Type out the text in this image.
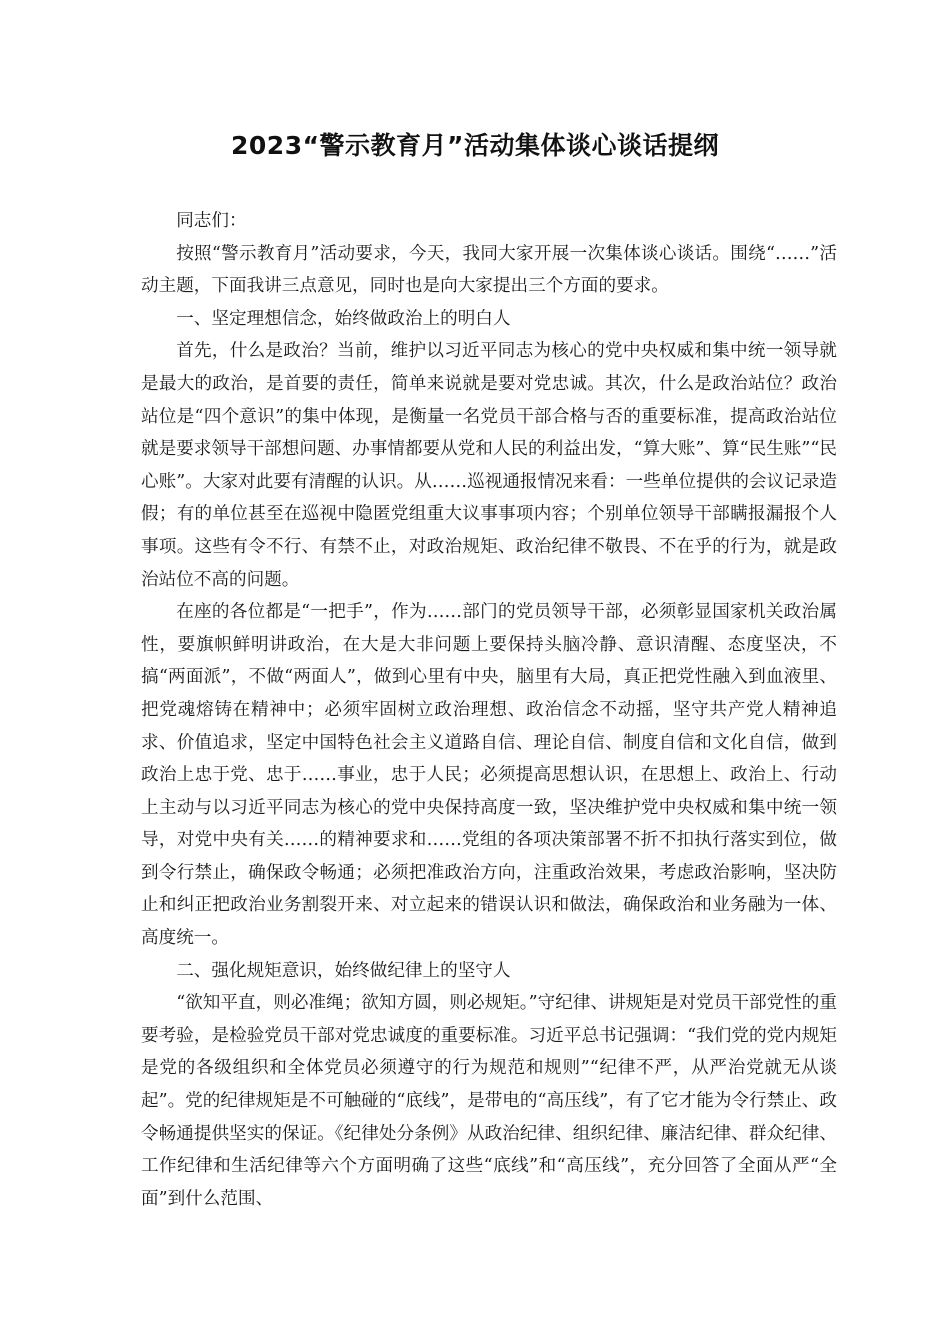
2023“警示教育月”活动集体谈心谈话提纲

同志们：

按照“警示教育月”活动要求，今天，我同大家开展一次集体谈心谈话。围绕“……”活动主题，下面我讲三点意见，同时也是向大家提出三个方面的要求。

一、坚定理想信念，始终做政治上的明白人

首先，什么是政治？当前，维护以习近平同志为核心的党中央权威和集中统一领导就是最大的政治，是首要的责任，简单来说就是要对党忠诚。其次，什么是政治站位？政治站位是“四个意识”的集中体现，是衡量一名党员干部合格与否的重要标准，提高政治站位就是要求领导干部想问题、办事情都要从党和人民的利益出发，“算大账”、算“民生账”“民心账”。大家对此要有清醒的认识。从……巡视通报情况来看：一些单位提供的会议记录造假；有的单位甚至在巡视中隐匿党组重大议事事项内容；个别单位领导干部瞒报漏报个人事项。这些有令不行、有禁不止，对政治规矩、政治纪律不敬畏、不在乎的行为，就是政治站位不高的问题。

在座的各位都是“一把手”，作为……部门的党员领导干部，必须彰显国家机关政治属性，要旗帜鲜明讲政治，在大是大非问题上要保持头脑冷静、意识清醒、态度坚决，不搞“两面派”，不做“两面人”，做到心里有中央，脑里有大局，真正把党性融入到血液里、把党魂熔铸在精神中；必须牢固树立政治理想、政治信念不动摇，坚守共产党人精神追求、价值追求，坚定中国特色社会主义道路自信、理论自信、制度自信和文化自信，做到政治上忠于党、忠于……事业，忠于人民；必须提高思想认识，在思想上、政治上、行动上主动与以习近平同志为核心的党中央保持高度一致，坚决维护党中央权威和集中统一领导，对党中央有关……的精神要求和……党组的各项决策部署不折不扣执行落实到位，做到令行禁止，确保政令畅通；必须把准政治方向，注重政治效果，考虑政治影响，坚决防止和纠正把政治业务割裂开来、对立起来的错误认识和做法，确保政治和业务融为一体、高度统一。

二、强化规矩意识，始终做纪律上的坚守人

“欲知平直，则必准绳；欲知方圆，则必规矩。”守纪律、讲规矩是对党员干部党性的重要考验，是检验党员干部对党忠诚度的重要标准。习近平总书记强调：“我们党的党内规矩是党的各级组织和全体党员必须遵守的行为规范和规则”“纪律不严，从严治党就无从谈起”。党的纪律规矩是不可触碰的“底线”，是带电的“高压线”，有了它才能为令行禁止、政令畅通提供坚实的保证。《纪律处分条例》从政治纪律、组织纪律、廉洁纪律、群众纪律、工作纪律和生活纪律等六个方面明确了这些“底线”和“高压线”，充分回答了全面从严“全面”到什么范围、
